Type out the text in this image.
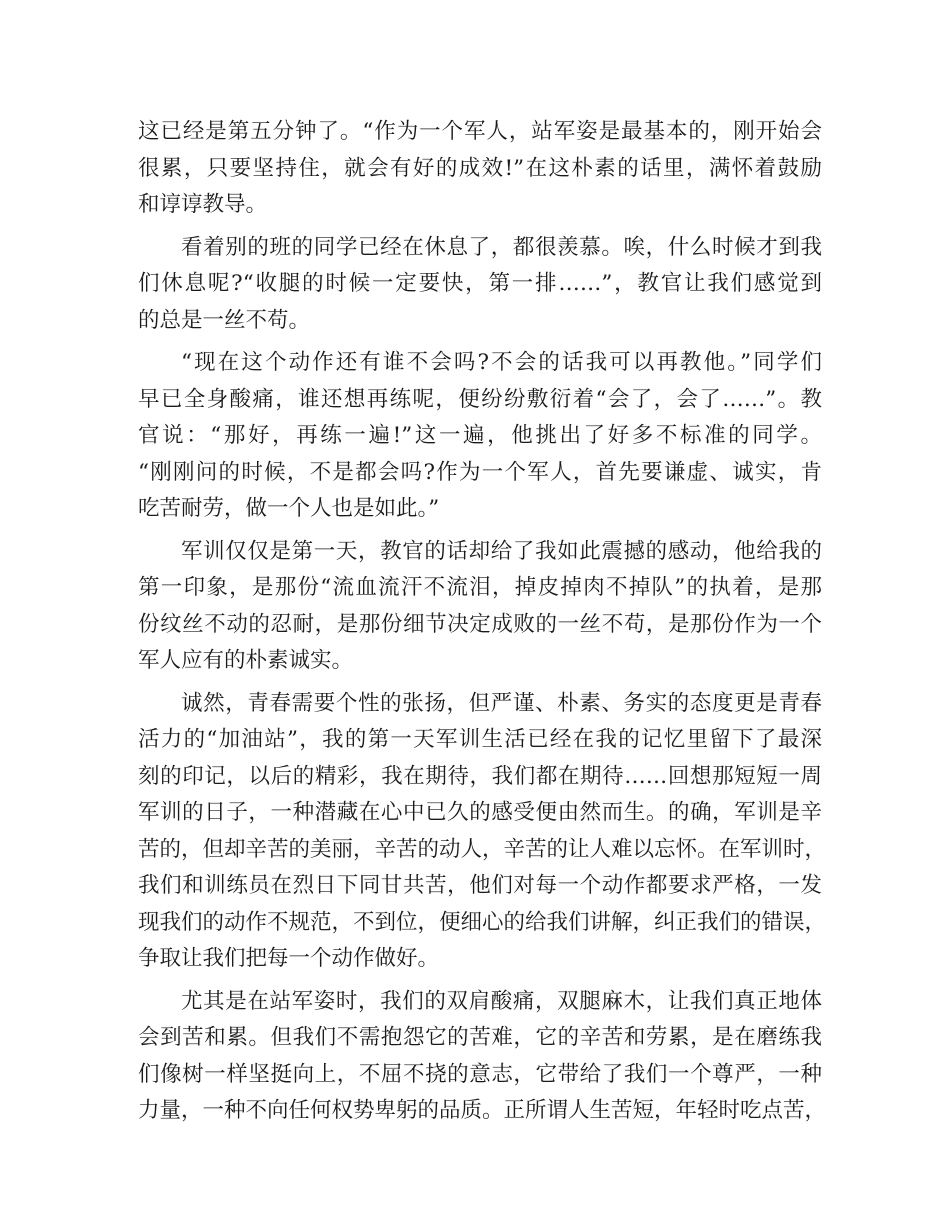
这已经是第五分钟了。“作为一个军人，站军姿是最基本的，刚开始会
很累，只要坚持住，就会有好的成效!”在这朴素的话里，满怀着鼓励
和谆谆教导。
看着别的班的同学已经在休息了，都很羡慕。唉，什么时候才到我
们休息呢?“收腿的时候一定要快，第一排……”，教官让我们感觉到
的总是一丝不苟。
“现在这个动作还有谁不会吗?不会的话我可以再教他。”同学们
早已全身酸痛，谁还想再练呢，便纷纷敷衍着“会了，会了……”。教
官说：“那好，再练一遍!”这一遍，他挑出了好多不标准的同学。
“刚刚问的时候，不是都会吗?作为一个军人，首先要谦虚、诚实，肯
吃苦耐劳，做一个人也是如此。”
军训仅仅是第一天，教官的话却给了我如此震撼的感动，他给我的
第一印象，是那份“流血流汗不流泪，掉皮掉肉不掉队”的执着，是那
份纹丝不动的忍耐，是那份细节决定成败的一丝不苟，是那份作为一个
军人应有的朴素诚实。
诚然，青春需要个性的张扬，但严谨、朴素、务实的态度更是青春
活力的“加油站”，我的第一天军训生活已经在我的记忆里留下了最深
刻的印记，以后的精彩，我在期待，我们都在期待……回想那短短一周
军训的日子，一种潜藏在心中已久的感受便由然而生。的确，军训是辛
苦的，但却辛苦的美丽，辛苦的动人，辛苦的让人难以忘怀。在军训时，
我们和训练员在烈日下同甘共苦，他们对每一个动作都要求严格，一发
现我们的动作不规范，不到位，便细心的给我们讲解，纠正我们的错误，
争取让我们把每一个动作做好。
尤其是在站军姿时，我们的双肩酸痛，双腿麻木，让我们真正地体
会到苦和累。但我们不需抱怨它的苦难，它的辛苦和劳累，是在磨练我
们像树一样坚挺向上，不屈不挠的意志，它带给了我们一个尊严，一种
力量，一种不向任何权势卑躬的品质。正所谓人生苦短，年轻时吃点苦，
